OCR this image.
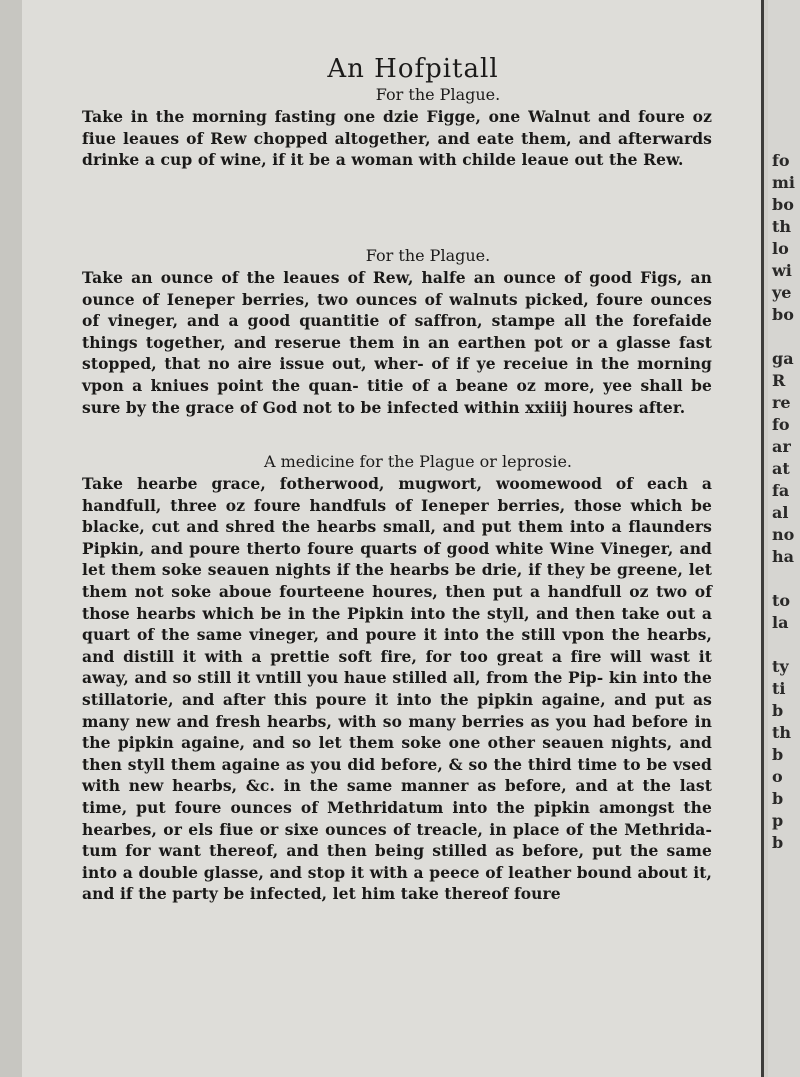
An Hofpitall
For the Plague.
Take in the morning fasting one dzie Figge, one Walnut and foure oz fiue leaues of Rew chopped altogether, and eate them, and afterwards drinke a cup of wine, if it be a woman with childe leaue out the Rew.
For the Plague.
Take an ounce of the leaues of Rew, halfe an ounce of good Figs, an ounce of Ieneper berries, two ounces of walnuts picked, foure ounces of vineger, and a good quantitie of saffron, stampe all the forefaide things together, and reserue them in an earthen pot or a glasse fast stopped, that no aire issue out, wher- of if ye receiue in the morning vpon a kniues point the quan- titie of a beane oz more, yee shall be sure by the grace of God not to be infected within xxiiij houres after.
A medicine for the Plague or leprosie.
Take hearbe grace, fotherwood, mugwort, woomewood of each a handfull, three oz foure handfuls of Ieneper berries, those which be blacke, cut and shred the hearbs small, and put them into a flaunders Pipkin, and poure therto foure quarts of good white Wine Vineger, and let them soke seauen nights if the hearbs be drie, if they be greene, let them not soke aboue fourteene houres, then put a handfull oz two of those hearbs which be in the Pipkin into the styll, and then take out a quart of the same vineger, and poure it into the still vpon the hearbs, and distill it with a prettie soft fire, for too great a fire will wast it away, and so still it vntill you haue stilled all, from the Pip- kin into the stillatorie, and after this poure it into the pipkin againe, and put as many new and fresh hearbs, with so many berries as you had before in the pipkin againe, and so let them soke one other seauen nights, and then styll them againe as you did before, & so the third time to be vsed with new hearbs, &c. in the same manner as before, and at the last time, put foure ounces of Methridatum into the pipkin amongst the hearbes, or els fiue or sixe ounces of treacle, in place of the Methrida- tum for want thereof, and then being stilled as before, put the same into a double glasse, and stop it with a peece of leather bound about it, and if the party be infected, let him take thereof foure
fo
mi
bo
th
lo
wi
ye
bo
ga
R
re
fo
ar
at
fa
al
no
ha
to
la
ty
ti
b
th
b
o
b
p
b
